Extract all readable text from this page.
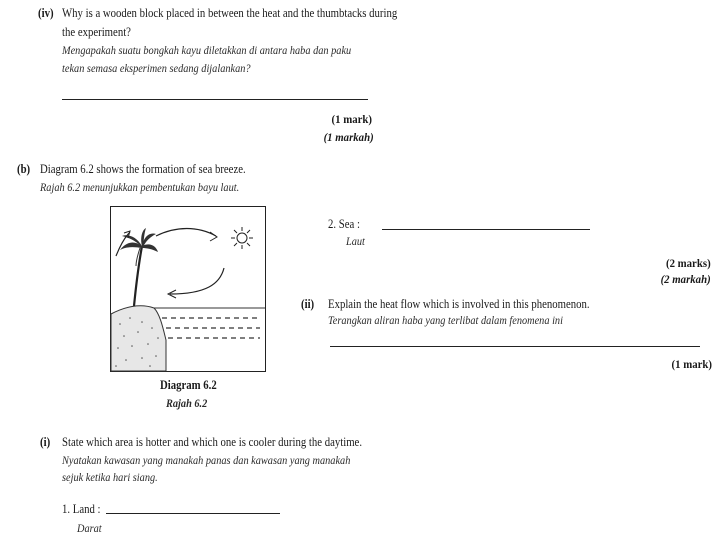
(iv) Why is a wooden block placed in between the heat and the thumbtacks during
the experiment?
Mengapakah suatu bongkah kayu diletakkan di antara haba dan paku
tekan semasa eksperimen sedang dijalankan?
(1 mark)
(1 markah)
(b) Diagram 6.2 shows the formation of sea breeze.
Rajah 6.2 menunjukkan pembentukan bayu laut.
Diagram 6.2
Rajah 6.2
2. Sea :
Laut
(2 marks)
(2 markah)
(ii) Explain the heat flow which is involved in this phenomenon.
Terangkan aliran haba yang terlibat dalam fenomena ini
(1 mark)
(i) State which area is hotter and which one is cooler during the daytime.
Nyatakan kawasan yang manakah panas dan kawasan yang manakah
sejuk ketika hari siang.
1. Land :
Darat
